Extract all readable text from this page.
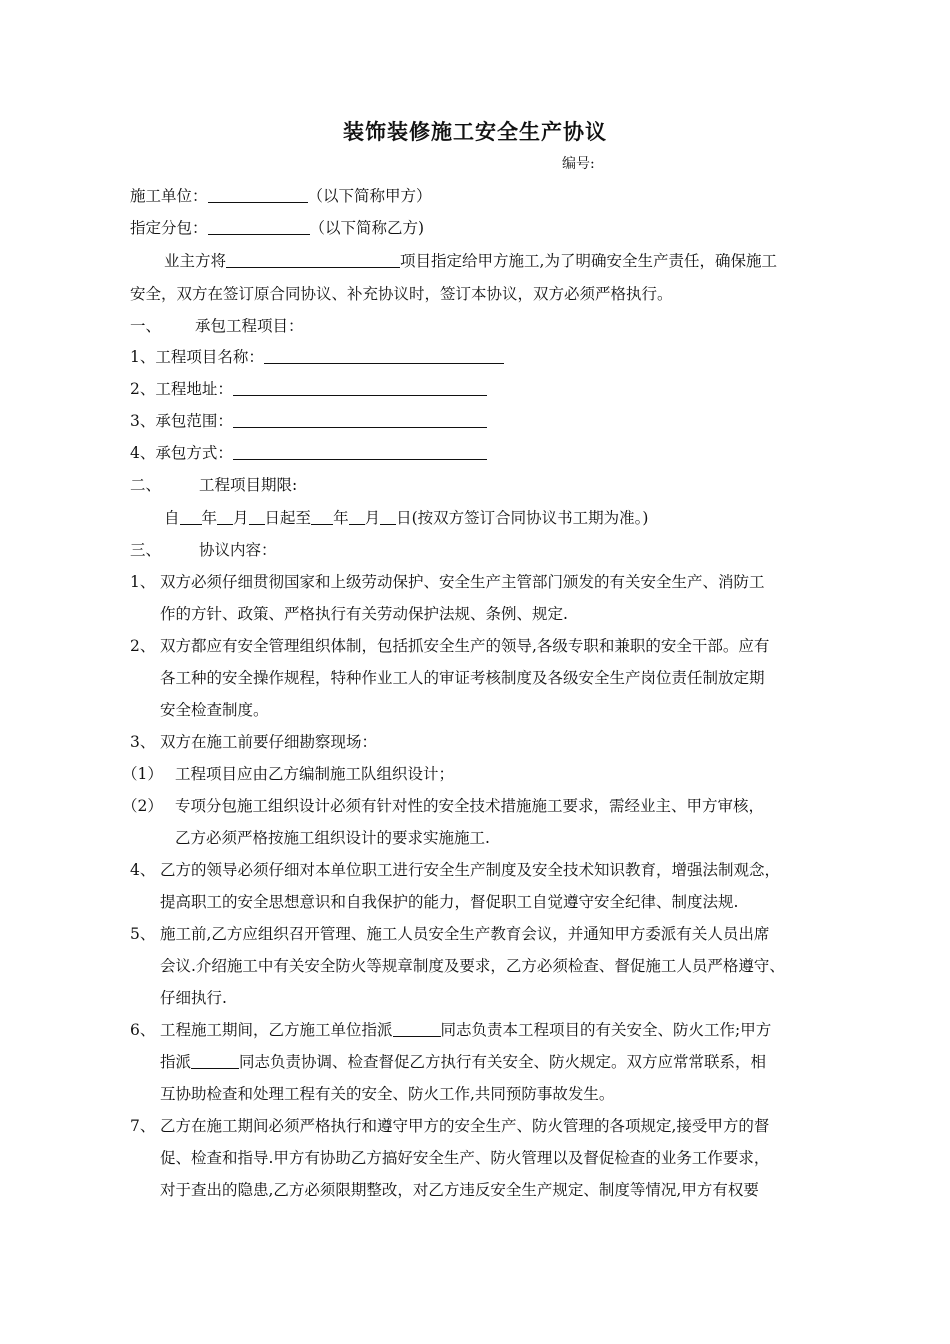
装饰装修施工安全生产协议
编号:
施工单位：	（以下简称甲方）
指定分包：	（以下简称乙方)
业主方将	项目指定给甲方施工,为了明确安全生产责任，确保施工
安全，双方在签订原合同协议、补充协议时，签订本协议，双方必须严格执行。
一、 承包工程项目：
1、工程项目名称：
2、工程地址：
3、承包范围：
4、承包方式：
二、 工程项目期限:
自 年 月 日起至 年 月 日(按双方签订合同协议书工期为准。)
三、 协议内容：
1、 双方必须仔细贯彻国家和上级劳动保护、安全生产主管部门颁发的有关安全生产、消防工
作的方针、政策、严格执行有关劳动保护法规、条例、规定.
2、 双方都应有安全管理组织体制，包括抓安全生产的领导,各级专职和兼职的安全干部。应有
各工种的安全操作规程，特种作业工人的审证考核制度及各级安全生产岗位责任制放定期
安全检查制度。
3、 双方在施工前要仔细勘察现场：
（1） 工程项目应由乙方编制施工队组织设计；
（2） 专项分包施工组织设计必须有针对性的安全技术措施施工要求，需经业主、甲方审核，
乙方必须严格按施工组织设计的要求实施施工.
4、 乙方的领导必须仔细对本单位职工进行安全生产制度及安全技术知识教育，增强法制观念，
提高职工的安全思想意识和自我保护的能力，督促职工自觉遵守安全纪律、制度法规.
5、 施工前,乙方应组织召开管理、施工人员安全生产教育会议，并通知甲方委派有关人员出席
会议.介绍施工中有关安全防火等规章制度及要求，乙方必须检查、督促施工人员严格遵守、
仔细执行.
6、 工程施工期间，乙方施工单位指派	同志负责本工程项目的有关安全、防火工作;甲方
指派	同志负责协调、检查督促乙方执行有关安全、防火规定。双方应常常联系，相
互协助检查和处理工程有关的安全、防火工作,共同预防事故发生。
7、 乙方在施工期间必须严格执行和遵守甲方的安全生产、防火管理的各项规定,接受甲方的督
促、检查和指导.甲方有协助乙方搞好安全生产、防火管理以及督促检查的业务工作要求，
对于查出的隐患,乙方必须限期整改，对乙方违反安全生产规定、制度等情况,甲方有权要
